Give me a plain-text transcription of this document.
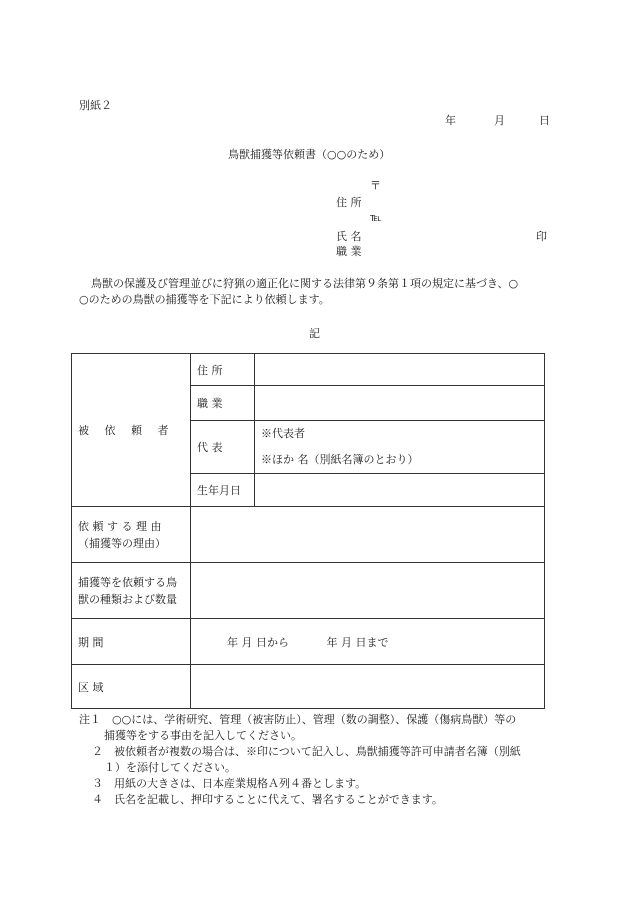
別紙２
年	月	日
鳥獣捕獲等依頼書（○○のため）
〒
住 所
℡
氏 名	印
職 業
鳥獣の保護及び管理並びに狩猟の適正化に関する法律第９条第１項の規定に基づき、○
○のための鳥獣の捕獲等を下記により依頼します。
記
被 依 頼 者	住 所	
	職 業	
	代 表	※代表者
※ほか 名（別紙名簿のとおり）

	生年月日	

依 頼 す る 理 由
（捕獲等の理由）		

捕獲等を依頼する鳥
獣の種類および数量		

期 間	年 月 日から 年 月 日まで	
区 域		
注１　○○には、学術研究、管理（被害防止）、管理（数の調整）、保護（傷病鳥獣）等の
捕獲等をする事由を記入してください。
２　被依頼者が複数の場合は、※印について記入し、鳥獣捕獲等許可申請者名簿（別紙
１）を添付してください。
３　用紙の大きさは、日本産業規格Ａ列４番とします。
４　氏名を記載し、押印することに代えて、署名することができます。
